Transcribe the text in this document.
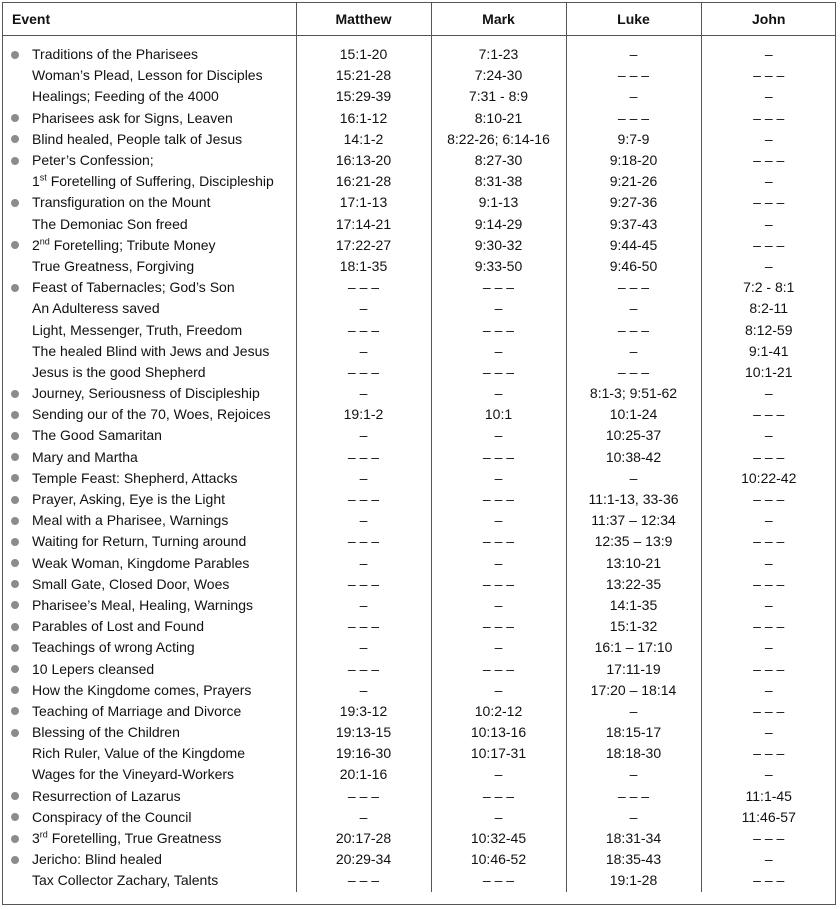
Event	Matthew	Mark	Luke	John

Traditions of the Pharisees	15:1-20	7:1-23	–	–
Woman’s Plead, Lesson for Disciples	15:21-28	7:24-30	– – –	– – –
Healings; Feeding of the 4000	15:29-39	7:31 - 8:9	–	–

Pharisees ask for Signs, Leaven	16:1-12	8:10-21	– – –	– – –

Blind healed, People talk of Jesus	14:1-2	8:22-26; 6:14-16	9:7-9	–

Peter’s Confession;	16:13-20	8:27-30	9:18-20	– – –
1st Foretelling of Suffering, Discipleship	16:21-28	8:31-38	9:21-26	–

Transfiguration on the Mount	17:1-13	9:1-13	9:27-36	– – –
The Demoniac Son freed	17:14-21	9:14-29	9:37-43	–

2nd Foretelling; Tribute Money	17:22-27	9:30-32	9:44-45	– – –
True Greatness, Forgiving	18:1-35	9:33-50	9:46-50	–

Feast of Tabernacles; God’s Son	– – –	– – –	– – –	7:2 - 8:1
An Adulteress saved	–	–	–	8:2-11
Light, Messenger, Truth, Freedom	– – –	– – –	– – –	8:12-59
The healed Blind with Jews and Jesus	–	–	–	9:1-41
Jesus is the good Shepherd	– – –	– – –	– – –	10:1-21

Journey, Seriousness of Discipleship	–	–	8:1-3; 9:51-62	–

Sending our of the 70, Woes, Rejoices	19:1-2	10:1	10:1-24	– – –

The Good Samaritan	–	–	10:25-37	–

Mary and Martha	– – –	– – –	10:38-42	– – –

Temple Feast: Shepherd, Attacks	–	–	–	10:22-42

Prayer, Asking, Eye is the Light	– – –	– – –	11:1-13, 33-36	– – –

Meal with a Pharisee, Warnings	–	–	11:37 – 12:34	–

Waiting for Return, Turning around	– – –	– – –	12:35 – 13:9	– – –

Weak Woman, Kingdome Parables	–	–	13:10-21	–

Small Gate, Closed Door, Woes	– – –	– – –	13:22-35	– – –

Pharisee’s Meal, Healing, Warnings	–	–	14:1-35	–

Parables of Lost and Found	– – –	– – –	15:1-32	– – –

Teachings of wrong Acting	–	–	16:1 – 17:10	–

10 Lepers cleansed	– – –	– – –	17:11-19	– – –

How the Kingdome comes, Prayers	–	–	17:20 – 18:14	–

Teaching of Marriage and Divorce	19:3-12	10:2-12	–	– – –

Blessing of the Children	19:13-15	10:13-16	18:15-17	–
Rich Ruler, Value of the Kingdome	19:16-30	10:17-31	18:18-30	– – –
Wages for the Vineyard-Workers	20:1-16	–	–	–

Resurrection of Lazarus	– – –	– – –	– – –	11:1-45

Conspiracy of the Council	–	–	–	11:46-57

3rd Foretelling, True Greatness	20:17-28	10:32-45	18:31-34	– – –

Jericho: Blind healed	20:29-34	10:46-52	18:35-43	–
Tax Collector Zachary, Talents	– – –	– – –	19:1-28	– – –
